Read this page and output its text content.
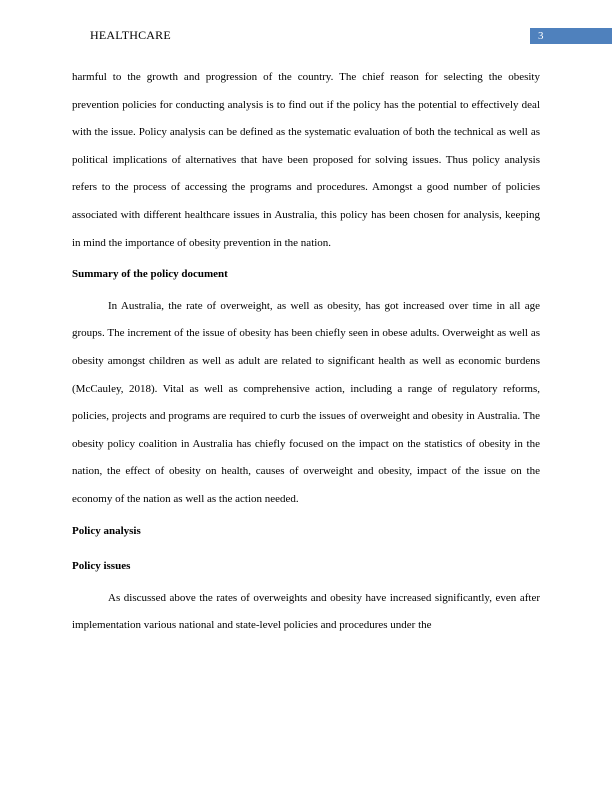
HEALTHCARE	3

harmful to the growth and progression of the country. The chief reason for selecting the obesity prevention policies for conducting analysis is to find out if the policy has the potential to effectively deal with the issue. Policy analysis can be defined as the systematic evaluation of both the technical as well as political implications of alternatives that have been proposed for solving issues. Thus policy analysis refers to the process of accessing the programs and procedures. Amongst a good number of policies associated with different healthcare issues in Australia, this policy has been chosen for analysis, keeping in mind the importance of obesity prevention in the nation.

Summary of the policy document

In Australia, the rate of overweight, as well as obesity, has got increased over time in all age groups. The increment of the issue of obesity has been chiefly seen in obese adults. Overweight as well as obesity amongst children as well as adult are related to significant health as well as economic burdens (McCauley, 2018). Vital as well as comprehensive action, including a range of regulatory reforms, policies, projects and programs are required to curb the issues of overweight and obesity in Australia. The obesity policy coalition in Australia has chiefly focused on the impact on the statistics of obesity in the nation, the effect of obesity on health, causes of overweight and obesity, impact of the issue on the economy of the nation as well as the action needed.

Policy analysis

Policy issues

As discussed above the rates of overweights and obesity have increased significantly, even after implementation various national and state-level policies and procedures under the
